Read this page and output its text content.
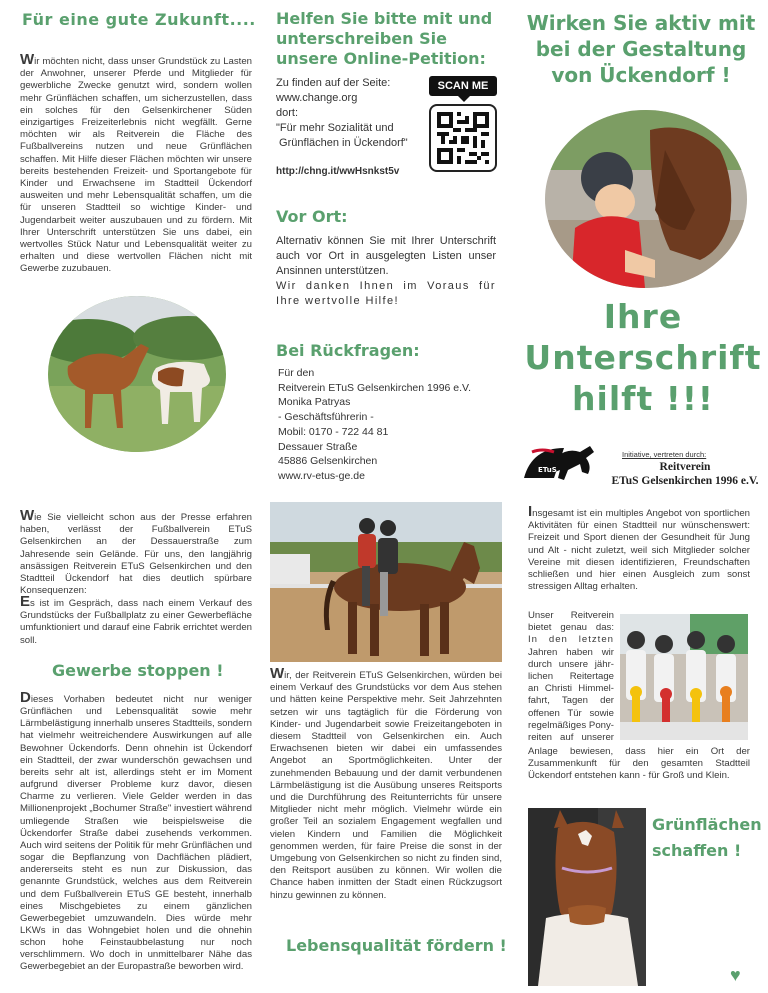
Für eine gute Zukunft....

Wir möchten nicht, dass unser Grundstück zu Lasten der Anwohner, unserer Pferde und Mitglieder für gewerbliche Zwecke genutzt wird, sondern wollen mehr Grünflächen schaffen, um sicherzustellen, dass ein solches für den Gelsenkirchener Süden einzigartiges Freizeiterlebnis nicht wegfällt. Gerne möchten wir als Reitverein die Fläche des Fußballvereins nutzen und neue Grünflächen schaffen. Mit Hilfe dieser Flächen möchten wir unsere bereits bestehenden Freizeit- und Sportangebote für Kinder und Erwachsene im Stadtteil Ückendorf ausweiten und mehr Lebensqualität schaffen, um die für unseren Stadtteil so wichtige Kinder- und Jugendarbeit weiter auszubauen und zu fördern. Mit Ihrer Unterschrift unterstützen Sie uns dabei, ein wertvolles Stück Natur und Lebensqualität weiter zu erhalten und diese wertvollen Flächen nicht mit Gewerbe zuzubauen.

Wie Sie vielleicht schon aus der Presse erfahren haben, verlässt der Fußballverein ETuS Gelsenkirchen an der Dessauerstraße zum Jahresende sein Gelände. Für uns, den langjährig ansässigen Reitverein ETuS Gelsenkirchen und den Stadtteil Ückendorf hat dies deutlich spürbare Konsequenzen:

Es ist im Gespräch, dass nach einem Verkauf des Grundstücks der Fußballplatz zu einer Gewerbefläche umfunktioniert und darauf eine Fabrik errichtet werden soll.

Gewerbe stoppen !

Dieses Vorhaben bedeutet nicht nur weniger Grünflächen und Lebensqualität sowie mehr Lärmbelästigung innerhalb unseres Stadtteils, sondern hat vielmehr weitreichendere Auswirkungen auf alle Bewohner Ückendorfs. Denn ohnehin ist Ückendorf ein Stadtteil, der zwar wunderschön gewachsen und bereits sehr alt ist, allerdings steht er im Moment aufgrund diverser Probleme kurz davor, diesen Charme zu verlieren. Viele Gelder werden in das Millionenprojekt „Bochumer Straße" investiert während umliegende Straßen wie beispielsweise die Ückendorfer Straße dabei zusehends verkommen. Auch wird seitens der Politik für mehr Grünflächen und sogar die Bepflanzung von Dachflächen plädiert, andererseits steht es nun zur Diskussion, das genannte Grundstück, welches aus dem Reitverein und dem Fußballverein ETuS GE besteht, innerhalb eines Mischgebietes zu einem gänzlichen Gewerbegebiet umzuwandeln. Dies würde mehr LKWs in das Wohngebiet holen und die ohnehin schon hohe Feinstaubbelastung nur noch verschlimmern. Wo doch in unmittelbarer Nähe das Gewerbegebiet an der Europastraße beworben wird.

Helfen Sie bitte mit und unterschreiben Sie unsere Online-Petition:
Zu finden auf der Seite:
www.change.org
dort:
"Für mehr Sozialität und
Grünflächen in Ückendorf"
SCAN ME
http://chng.it/wwHsnkst5v
Vor Ort:

Alternativ können Sie mit Ihrer Unterschrift auch vor Ort in ausgelegten Listen unser Ansinnen unterstützen.

Wir danken Ihnen im Voraus für Ihre wertvolle Hilfe!

Bei Rückfragen:
Für den
Reitverein ETuS Gelsenkirchen 1996 e.V.
Monika Patryas
- Geschäftsführerin -
Mobil: 0170 - 722 44 81
Dessauer Straße
45886 Gelsenkirchen
www.rv-etus-ge.de

Wir, der Reitverein ETuS Gelsenkirchen, würden bei einem Verkauf des Grundstücks vor dem Aus stehen und hätten keine Perspektive mehr. Seit Jahrzehnten setzen wir uns tagtäglich für die Förderung von Kinder- und Jugendarbeit sowie Freizeitangeboten in diesem Stadtteil von Gelsenkirchen ein. Auch Erwachsenen bieten wir dabei ein umfassendes Angebot an Sportmöglichkeiten. Unter der zunehmenden Bebauung und der damit verbundenen Lärmbelästigung ist die Ausübung unseres Reitsports und die Durchführung des Reitunterrichts für unsere Mitglieder nicht mehr möglich. Vielmehr würde ein großer Teil an sozialem Engagement wegfallen und vielen Kindern und Familien die Möglichkeit genommen werden, für faire Preise die sonst in der Umgebung von Gelsenkirchen so nicht zu finden sind, den Reitsport ausüben zu können. Wir wollen die Chance haben inmitten der Stadt einen Rückzugsort hinzu gewinnen zu können.

Lebensqualität fördern !
Wirken Sie aktiv mit bei der Gestaltung von Ückendorf !
Ihre
Unterschrift
hilft !!!
Initiative, vertreten durch:
ETuS	Reitverein
ETuS Gelsenkirchen 1996 e.V.

Insgesamt ist ein multiples Angebot von sportlichen Aktivitäten für einen Stadtteil nur wünschenswert: Freizeit und Sport dienen der Gesundheit für Jung und Alt - nicht zuletzt, weil sich Mitglieder solcher Vereine mit diesen identifizieren, Freundschaften schließen und hier einen Ausgleich zum sonst stressigen Alltag erhalten.

Unser Reitverein
bietet genau das:
In den letzten
Jahren haben wir
durch unsere jähr-
lichen Reitertage
an Christi Himmel-
fahrt, Tagen der
offenen Tür sowie
regelmäßiges Pony-
reiten auf unserer

Anlage bewiesen, dass hier ein Ort der Zusammenkunft für den gesamten Stadtteil Ückendorf entstehen kann - für Groß und Klein.

Grünflächen schaffen !
♥
